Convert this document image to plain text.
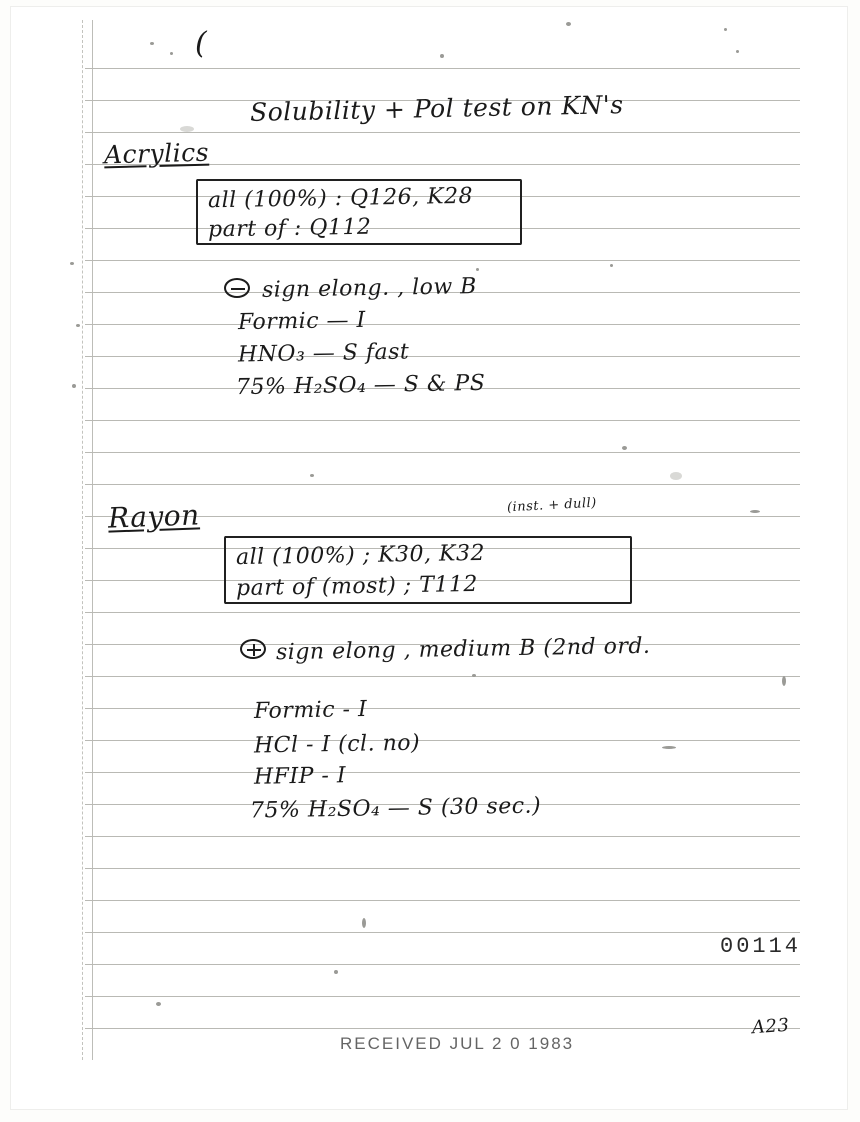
(
Solubility + Pol test on KN's
Acrylics
all (100%) : Q126, K28
part of : Q112
sign elong. , low B
Formic — I
HNO₃ — S fast
75% H₂SO₄ — S & PS
Rayon	(inst. + dull)
all (100%) ; K30, K32
part of (most) ; T112
sign elong , medium B (2nd ord.
Formic - I
HCl - I (cl. no)
HFIP - I
75% H₂SO₄ — S (30 sec.)
00114
RECEIVED JUL 2 0 1983
A23
